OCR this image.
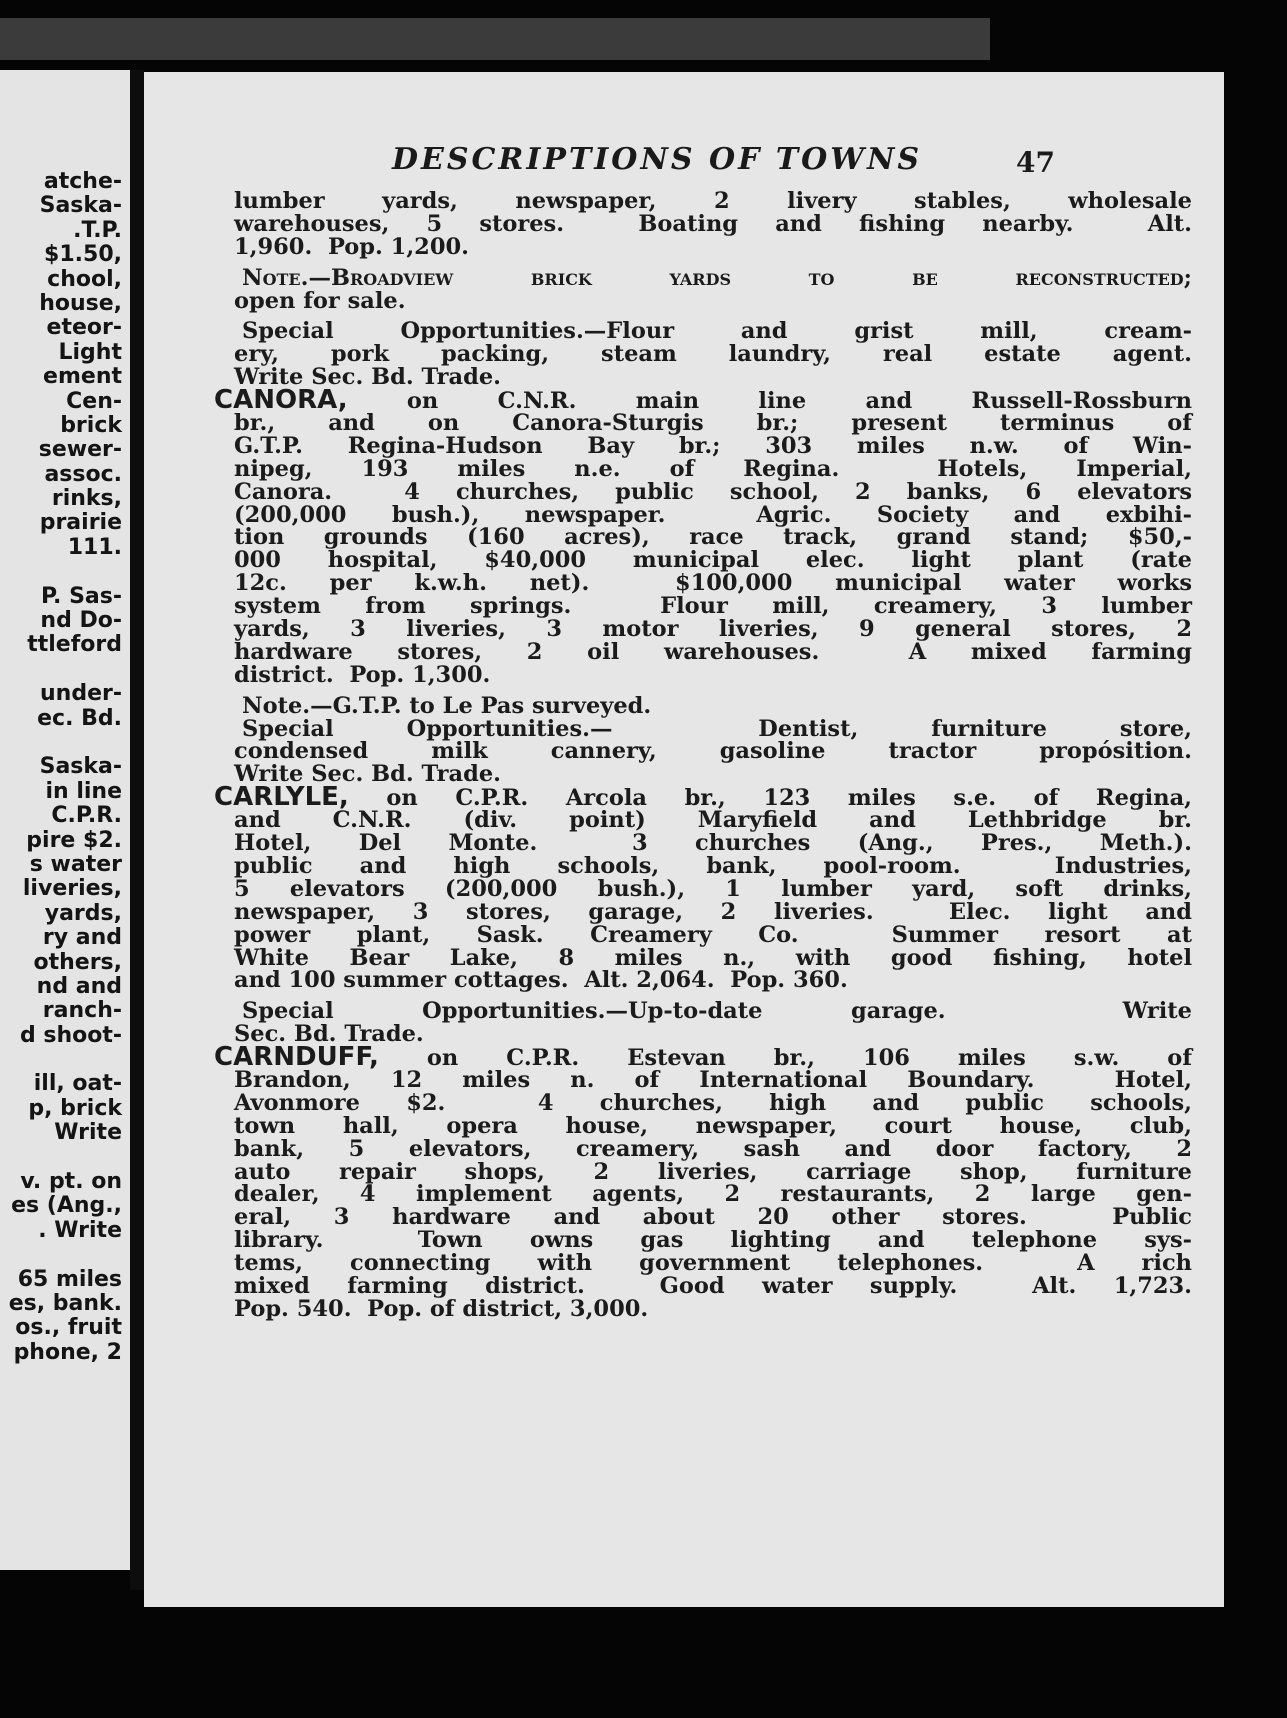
atche-
Saska-
.T.P.
$1.50,
chool,
house,
eteor-
Light
ement
Cen-
brick
sewer-
assoc.
rinks,
prairie
111.
P. Sas-
nd Do-
ttleford
under-
ec. Bd.
Saska-
in line
C.P.R.
pire $2.
s water
liveries,
yards,
ry and
others,
nd and
ranch-
d shoot-
ill, oat-
p, brick
Write
v. pt. on
es (Ang.,
. Write
65 miles
es, bank.
os., fruit
phone, 2
DESCRIPTIONS OF TOWNS	47
lumber yards, newspaper, 2 livery stables, wholesale
warehouses, 5 stores.  Boating and fishing nearby.  Alt.
1,960.  Pop. 1,200.
Note.—Broadview brick yards to be reconstructed;
open for sale.
Special Opportunities.—Flour and grist mill, cream-
ery, pork packing, steam laundry, real estate agent.
Write Sec. Bd. Trade.
CANORA, on C.N.R. main line and Russell-Rossburn
br., and on Canora-Sturgis br.; present terminus of
G.T.P. Regina-Hudson Bay br.; 303 miles n.w. of Win-
nipeg, 193 miles n.e. of Regina.  Hotels, Imperial,
Canora.  4 churches, public school, 2 banks, 6 elevators
(200,000 bush.), newspaper.  Agric. Society and exbihi-
tion grounds (160 acres), race track, grand stand; $50,-
000 hospital, $40,000 municipal elec. light plant (rate
12c. per k.w.h. net).  $100,000 municipal water works
system from springs.  Flour mill, creamery, 3 lumber
yards, 3 liveries, 3 motor liveries, 9 general stores, 2
hardware stores, 2 oil warehouses.  A mixed farming
district.  Pop. 1,300.
Note.—G.T.P. to Le Pas surveyed.
Special Opportunities.—  Dentist, furniture store,
condensed milk cannery, gasoline tractor propósition.
Write Sec. Bd. Trade.
CARLYLE, on C.P.R. Arcola br., 123 miles s.e. of Regina,
and C.N.R. (div. point) Maryfield and Lethbridge br.
Hotel, Del Monte.  3 churches (Ang., Pres., Meth.).
public and high schools, bank, pool-room.  Industries,
5 elevators (200,000 bush.), 1 lumber yard, soft drinks,
newspaper, 3 stores, garage, 2 liveries.  Elec. light and
power plant, Sask. Creamery Co.  Summer resort at
White Bear Lake, 8 miles n., with good fishing, hotel
and 100 summer cottages.  Alt. 2,064.  Pop. 360.
Special Opportunities.—Up-to-date garage.  Write
Sec. Bd. Trade.
CARNDUFF, on C.P.R. Estevan br., 106 miles s.w. of
Brandon, 12 miles n. of International Boundary.  Hotel,
Avonmore $2.  4 churches, high and public schools,
town hall, opera house, newspaper, court house, club,
bank, 5 elevators, creamery, sash and door factory, 2
auto repair shops, 2 liveries, carriage shop, furniture
dealer, 4 implement agents, 2 restaurants, 2 large gen-
eral, 3 hardware and about 20 other stores.  Public
library.  Town owns gas lighting and telephone sys-
tems, connecting with government telephones.  A rich
mixed farming district.  Good water supply.  Alt. 1,723.
Pop. 540.  Pop. of district, 3,000.
